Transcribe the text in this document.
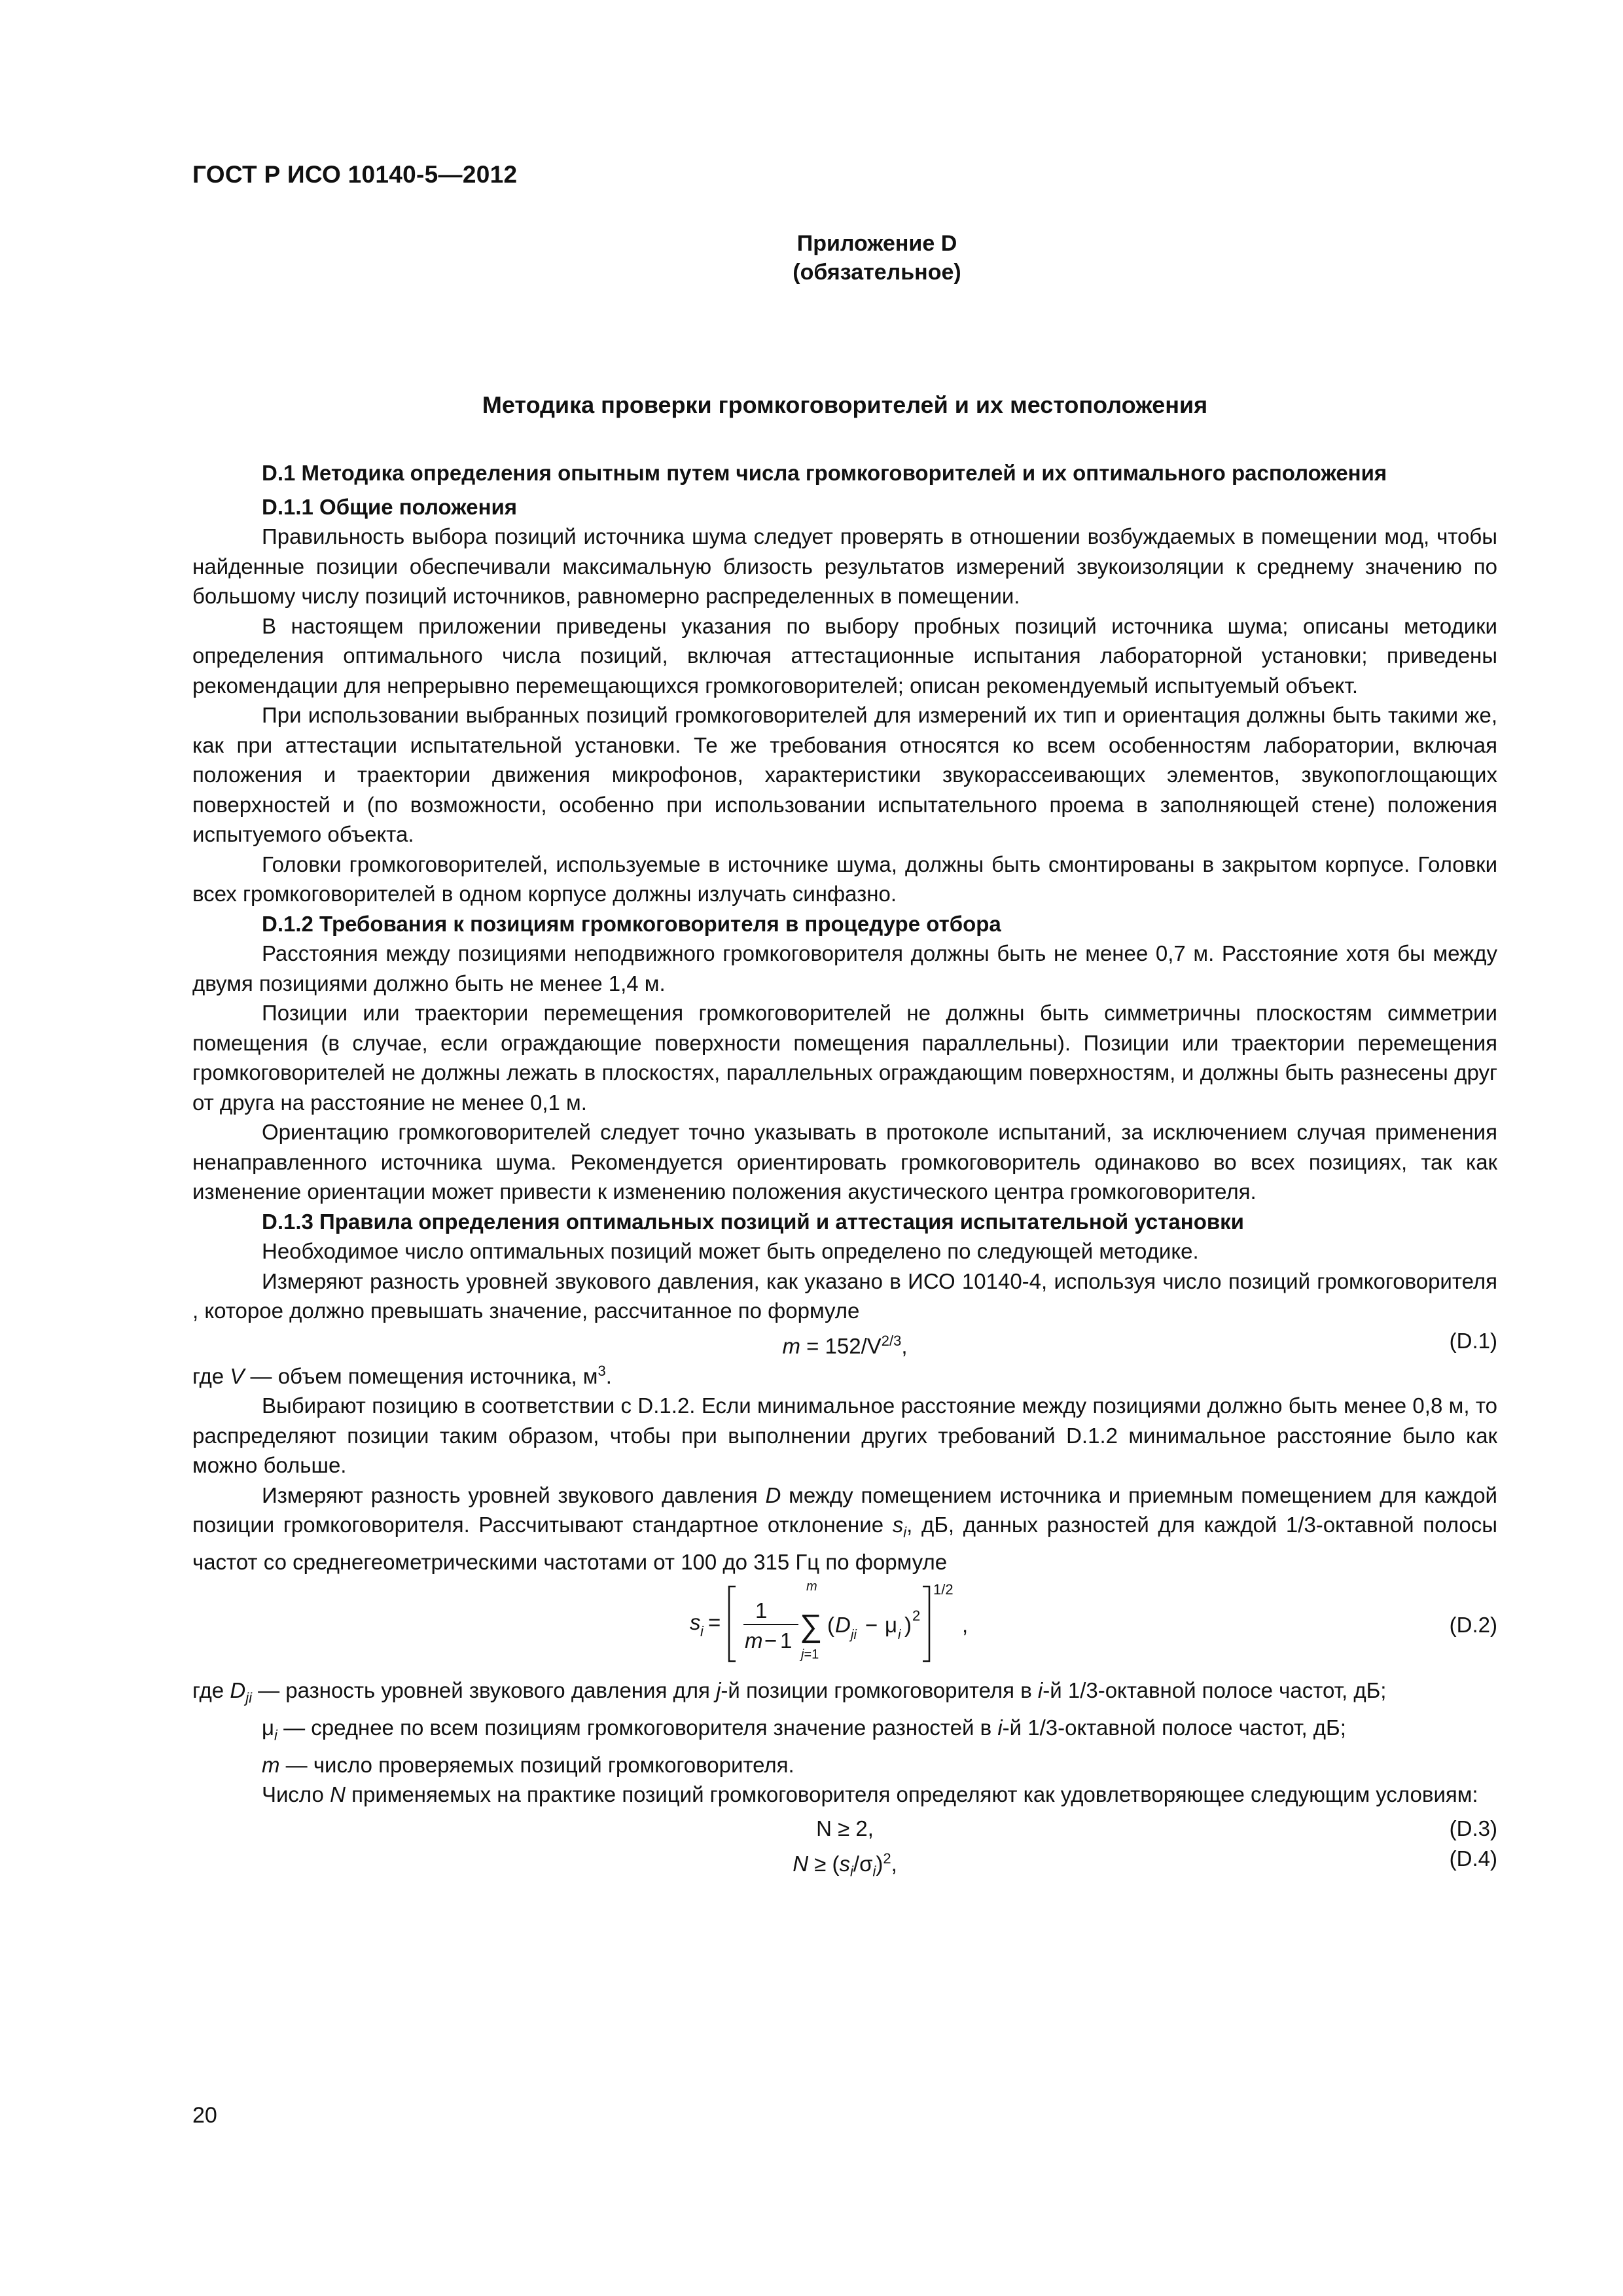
ГОСТ Р ИСО 10140-5—2012
Приложение D
(обязательное)
Методика проверки громкоговорителей и их местоположения

D.1 Методика определения опытным путем числа громкоговорителей и их оптимального расположения

D.1.1 Общие положения

Правильность выбора позиций источника шума следует проверять в отношении возбуждаемых в помещении мод, чтобы найденные позиции обеспечивали максимальную близость результатов измерений звукоизоляции к среднему значению по большому числу позиций источников, равномерно распределенных в помещении.

В настоящем приложении приведены указания по выбору пробных позиций источника шума; описаны методики определения оптимального числа позиций, включая аттестационные испытания лабораторной установки; приведены рекомендации для непрерывно перемещающихся громкоговорителей; описан рекомендуемый испытуемый объект.

При использовании выбранных позиций громкоговорителей для измерений их тип и ориентация должны быть такими же, как при аттестации испытательной установки. Те же требования относятся ко всем особенностям лаборатории, включая положения и траектории движения микрофонов, характеристики звукорассеивающих элементов, звукопоглощающих поверхностей и (по возможности, особенно при использовании испытательного проема в заполняющей стене) положения испытуемого объекта.

Головки громкоговорителей, используемые в источнике шума, должны быть смонтированы в закрытом корпусе. Головки всех громкоговорителей в одном корпусе должны излучать синфазно.

D.1.2 Требования к позициям громкоговорителя в процедуре отбора

Расстояния между позициями неподвижного громкоговорителя должны быть не менее 0,7 м. Расстояние хотя бы между двумя позициями должно быть не менее 1,4 м.

Позиции или траектории перемещения громкоговорителей не должны быть симметричны плоскостям симметрии помещения (в случае, если ограждающие поверхности помещения параллельны). Позиции или траектории перемещения громкоговорителей не должны лежать в плоскостях, параллельных ограждающим поверхностям, и должны быть разнесены друг от друга на расстояние не менее 0,1 м.

Ориентацию громкоговорителей следует точно указывать в протоколе испытаний, за исключением случая применения ненаправленного источника шума. Рекомендуется ориентировать громкоговоритель одинаково во всех позициях, так как изменение ориентации может привести к изменению положения акустического центра громкоговорителя.

D.1.3 Правила определения оптимальных позиций и аттестация испытательной установки

Необходимое число оптимальных позиций может быть определено по следующей методике.

Измеряют разность уровней звукового давления, как указано в ИСО 10140-4, используя число позиций громкоговорителя , которое должно превышать значение, рассчитанное по формуле

$m = 152/V^{2/3}$,	(D.1)

где V — объем помещения источника, $м^3$.

Выбирают позицию в соответствии с D.1.2. Если минимальное расстояние между позициями должно быть менее 0,8 м, то распределяют позиции таким образом, чтобы при выполнении других требований D.1.2 минимальное расстояние было как можно больше.

Измеряют разность уровней звукового давления D между помещением источника и приемным помещением для каждой позиции громкоговорителя. Рассчитывают стандартное отклонение $s_i$, дБ, данных разностей для каждой 1/3-октавной полосы частот со среднегеометрическими частотами от 100 до 315 Гц по формуле

s i = 1
m − 1
m
∑
j=1
( D ji − μ i ) 2
1/2
,	(D.2)

где $D_{ji}$ — разность уровней звукового давления для j-й позиции громкоговорителя в i-й 1/3-октавной полосе частот, дБ;

$\mu_i$ — среднее по всем позициям громкоговорителя значение разностей в i-й 1/3-октавной полосе частот, дБ;

m — число проверяемых позиций громкоговорителя.

Число N применяемых на практике позиций громкоговорителя определяют как удовлетворяющее следующим условиям:

N ≥ 2,	(D.3)
$N \ge (s_i/\sigma_i)^2$,	(D.4)
20
